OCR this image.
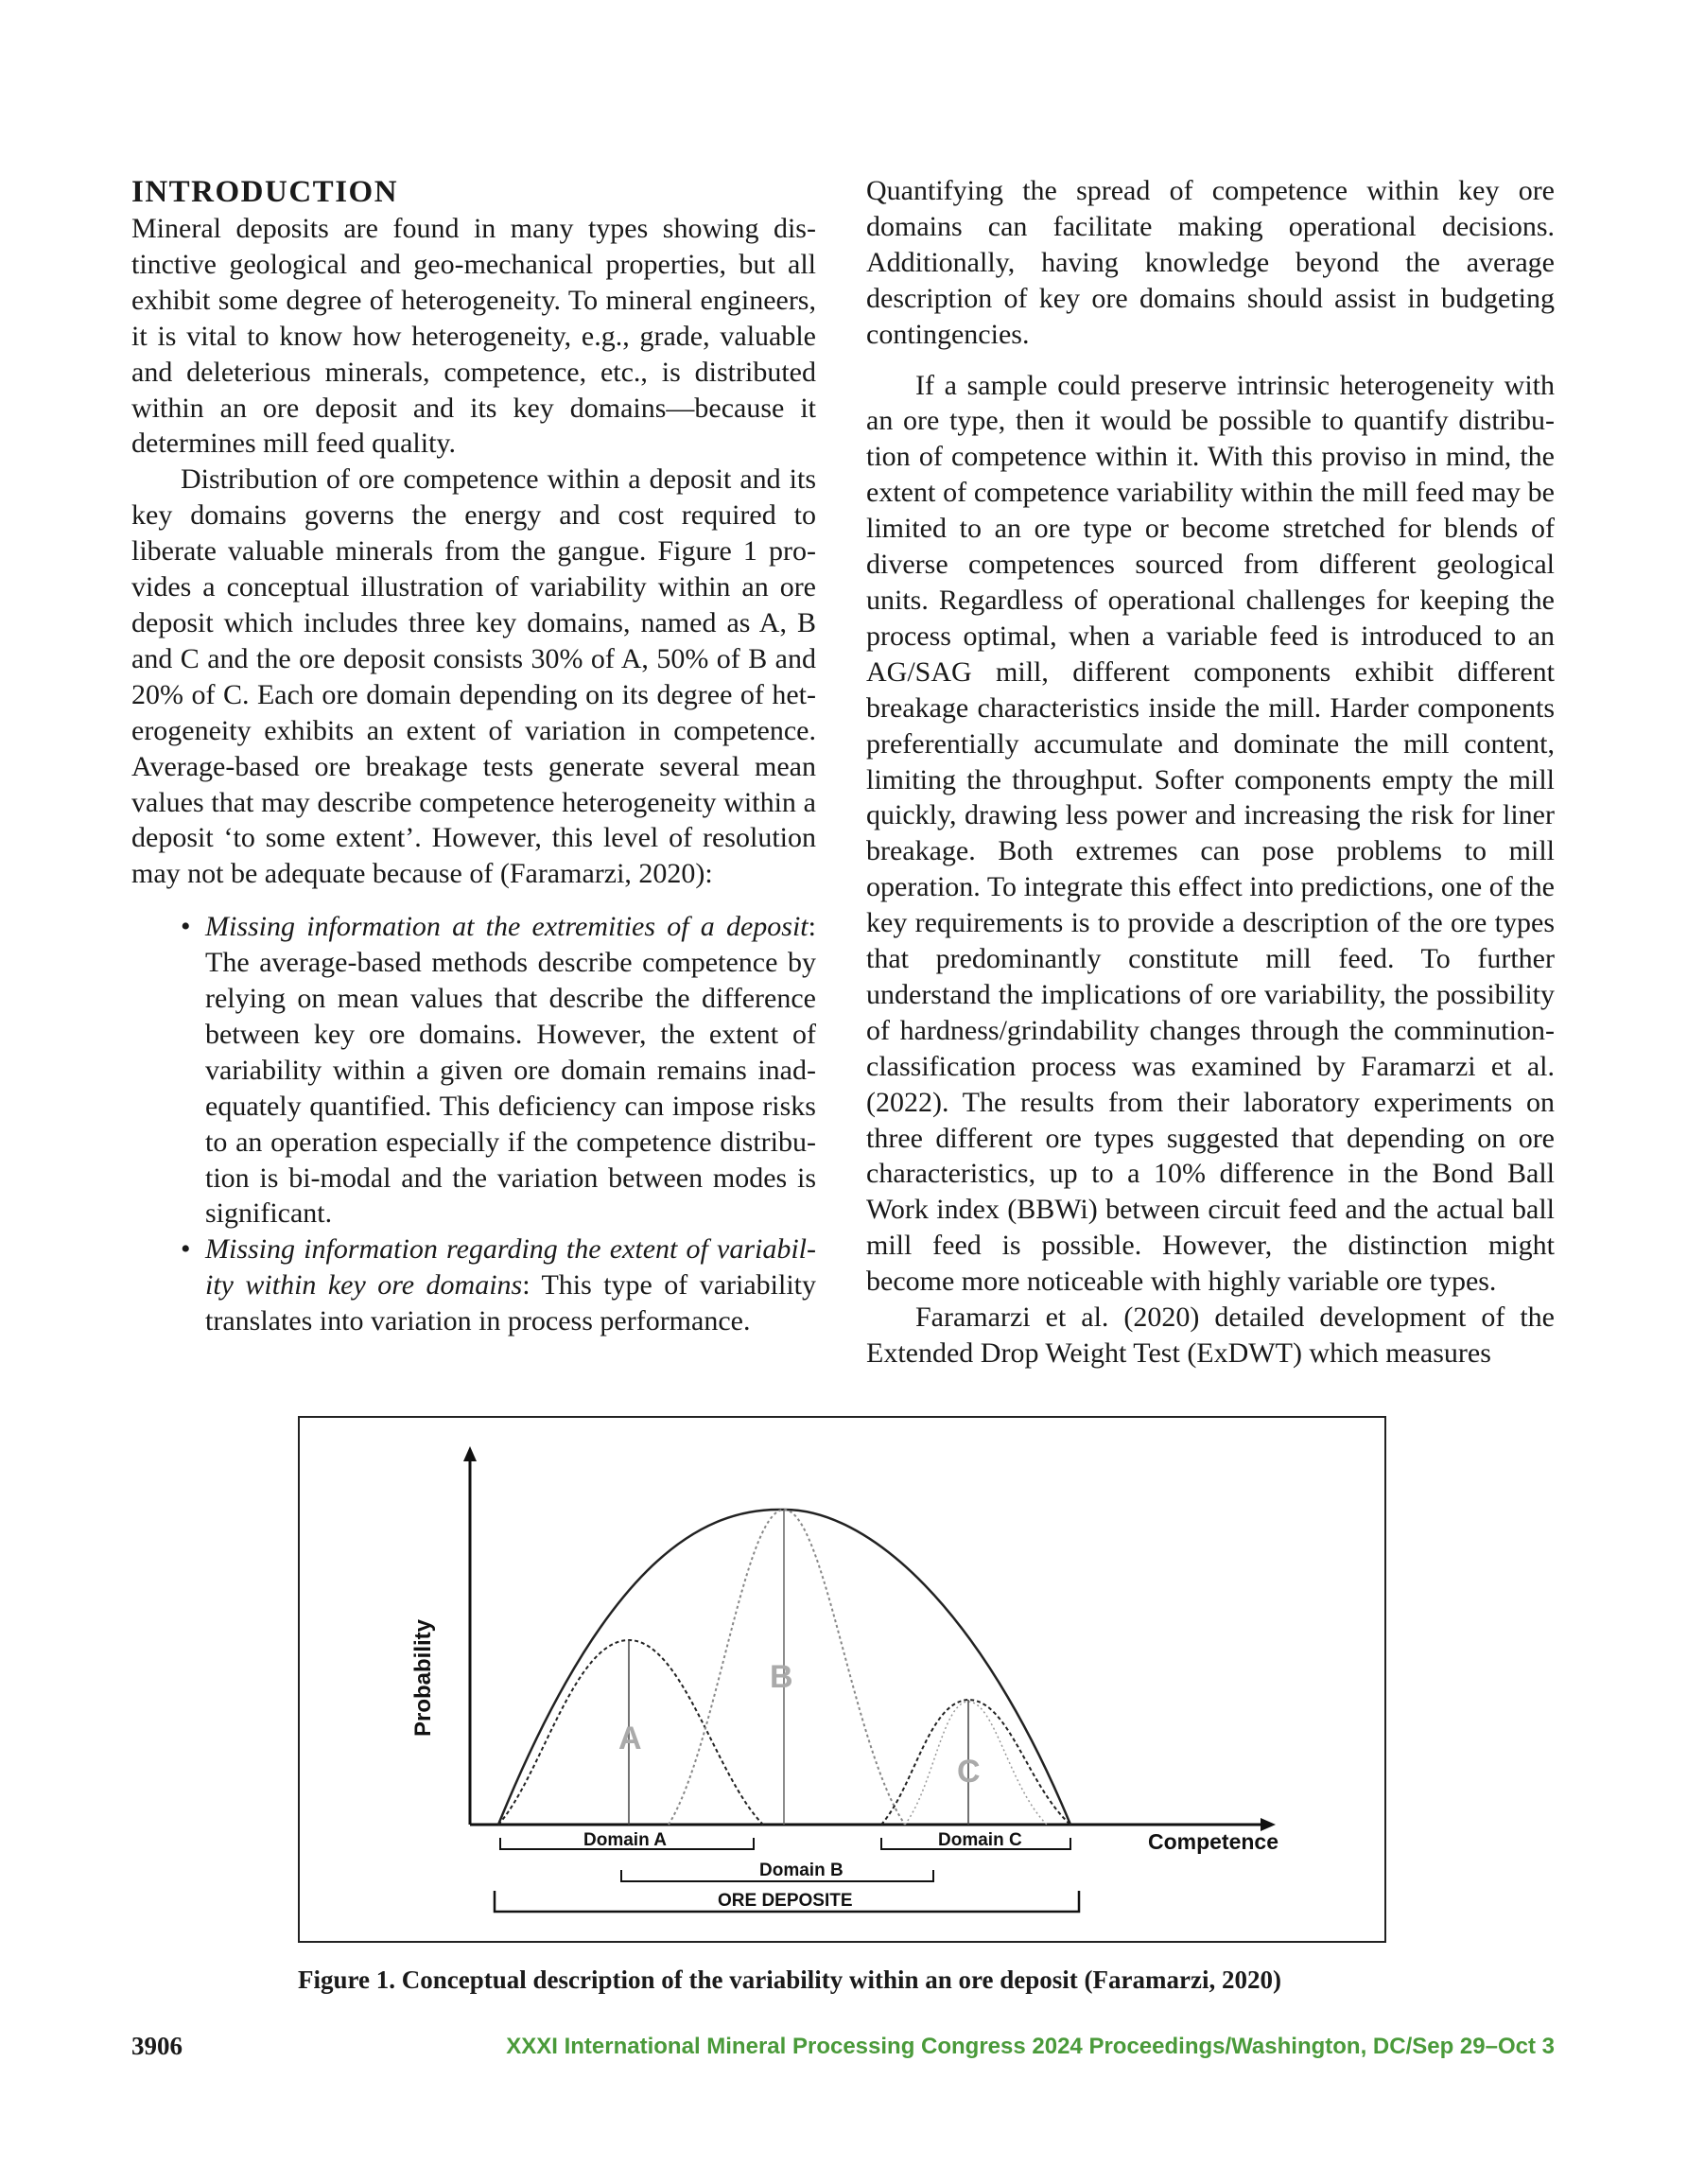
INTRODUCTION

Mineral deposits are found in many types showing distinctive geological and geo-mechanical properties, but all exhibit some degree of heterogeneity. To mineral engineers, it is vital to know how heterogeneity, e.g., grade, valuable and deleterious minerals, competence, etc., is distributed within an ore deposit and its key domains—because it determines mill feed quality.

Distribution of ore competence within a deposit and its key domains governs the energy and cost required to liberate valuable minerals from the gangue. Figure 1 provides a conceptual illustration of variability within an ore deposit which includes three key domains, named as A, B and C and the ore deposit consists 30% of A, 50% of B and 20% of C. Each ore domain depending on its degree of heterogeneity exhibits an extent of variation in competence. Average-based ore breakage tests generate several mean values that may describe competence heterogeneity within a deposit ‘to some extent’. However, this level of resolution may not be adequate because of (Faramarzi, 2020):

• Missing information at the extremities of a deposit: The average-based methods describe competence by relying on mean values that describe the difference between key ore domains. However, the extent of variability within a given ore domain remains inadequately quantified. This deficiency can impose risks to an operation especially if the competence distribution is bi-modal and the variation between modes is significant.
• Missing information regarding the extent of variability within key ore domains: This type of variability translates into variation in process performance.

Quantifying the spread of competence within key ore domains can facilitate making operational decisions. Additionally, having knowledge beyond the average description of key ore domains should assist in budgeting contingencies.

If a sample could preserve intrinsic heterogeneity with an ore type, then it would be possible to quantify distribution of competence within it. With this proviso in mind, the extent of competence variability within the mill feed may be limited to an ore type or become stretched for blends of diverse competences sourced from different geological units. Regardless of operational challenges for keeping the process optimal, when a variable feed is introduced to an AG/SAG mill, different components exhibit different breakage characteristics inside the mill. Harder components preferentially accumulate and dominate the mill content, limiting the throughput. Softer components empty the mill quickly, drawing less power and increasing the risk for liner breakage. Both extremes can pose problems to mill operation. To integrate this effect into predictions, one of the key requirements is to provide a description of the ore types that predominantly constitute mill feed. To further understand the implications of ore variability, the possibility of hardness/grindability changes through the comminution-classification process was examined by Faramarzi et al. (2022). The results from their laboratory experiments on three different ore types suggested that depending on ore characteristics, up to a 10% difference in the Bond Ball Work index (BBWi) between circuit feed and the actual ball mill feed is possible. However, the distinction might become more noticeable with highly variable ore types.

Faramarzi et al. (2020) detailed development of the Extended Drop Weight Test (ExDWT) which measures

A
B
C
Probability
Competence
Domain A	Domain C
Domain B
ORE DEPOSITE
Figure 1. Conceptual description of the variability within an ore deposit (Faramarzi, 2020)
3906	XXXI International Mineral Processing Congress 2024 Proceedings/Washington, DC/Sep 29–Oct 3
